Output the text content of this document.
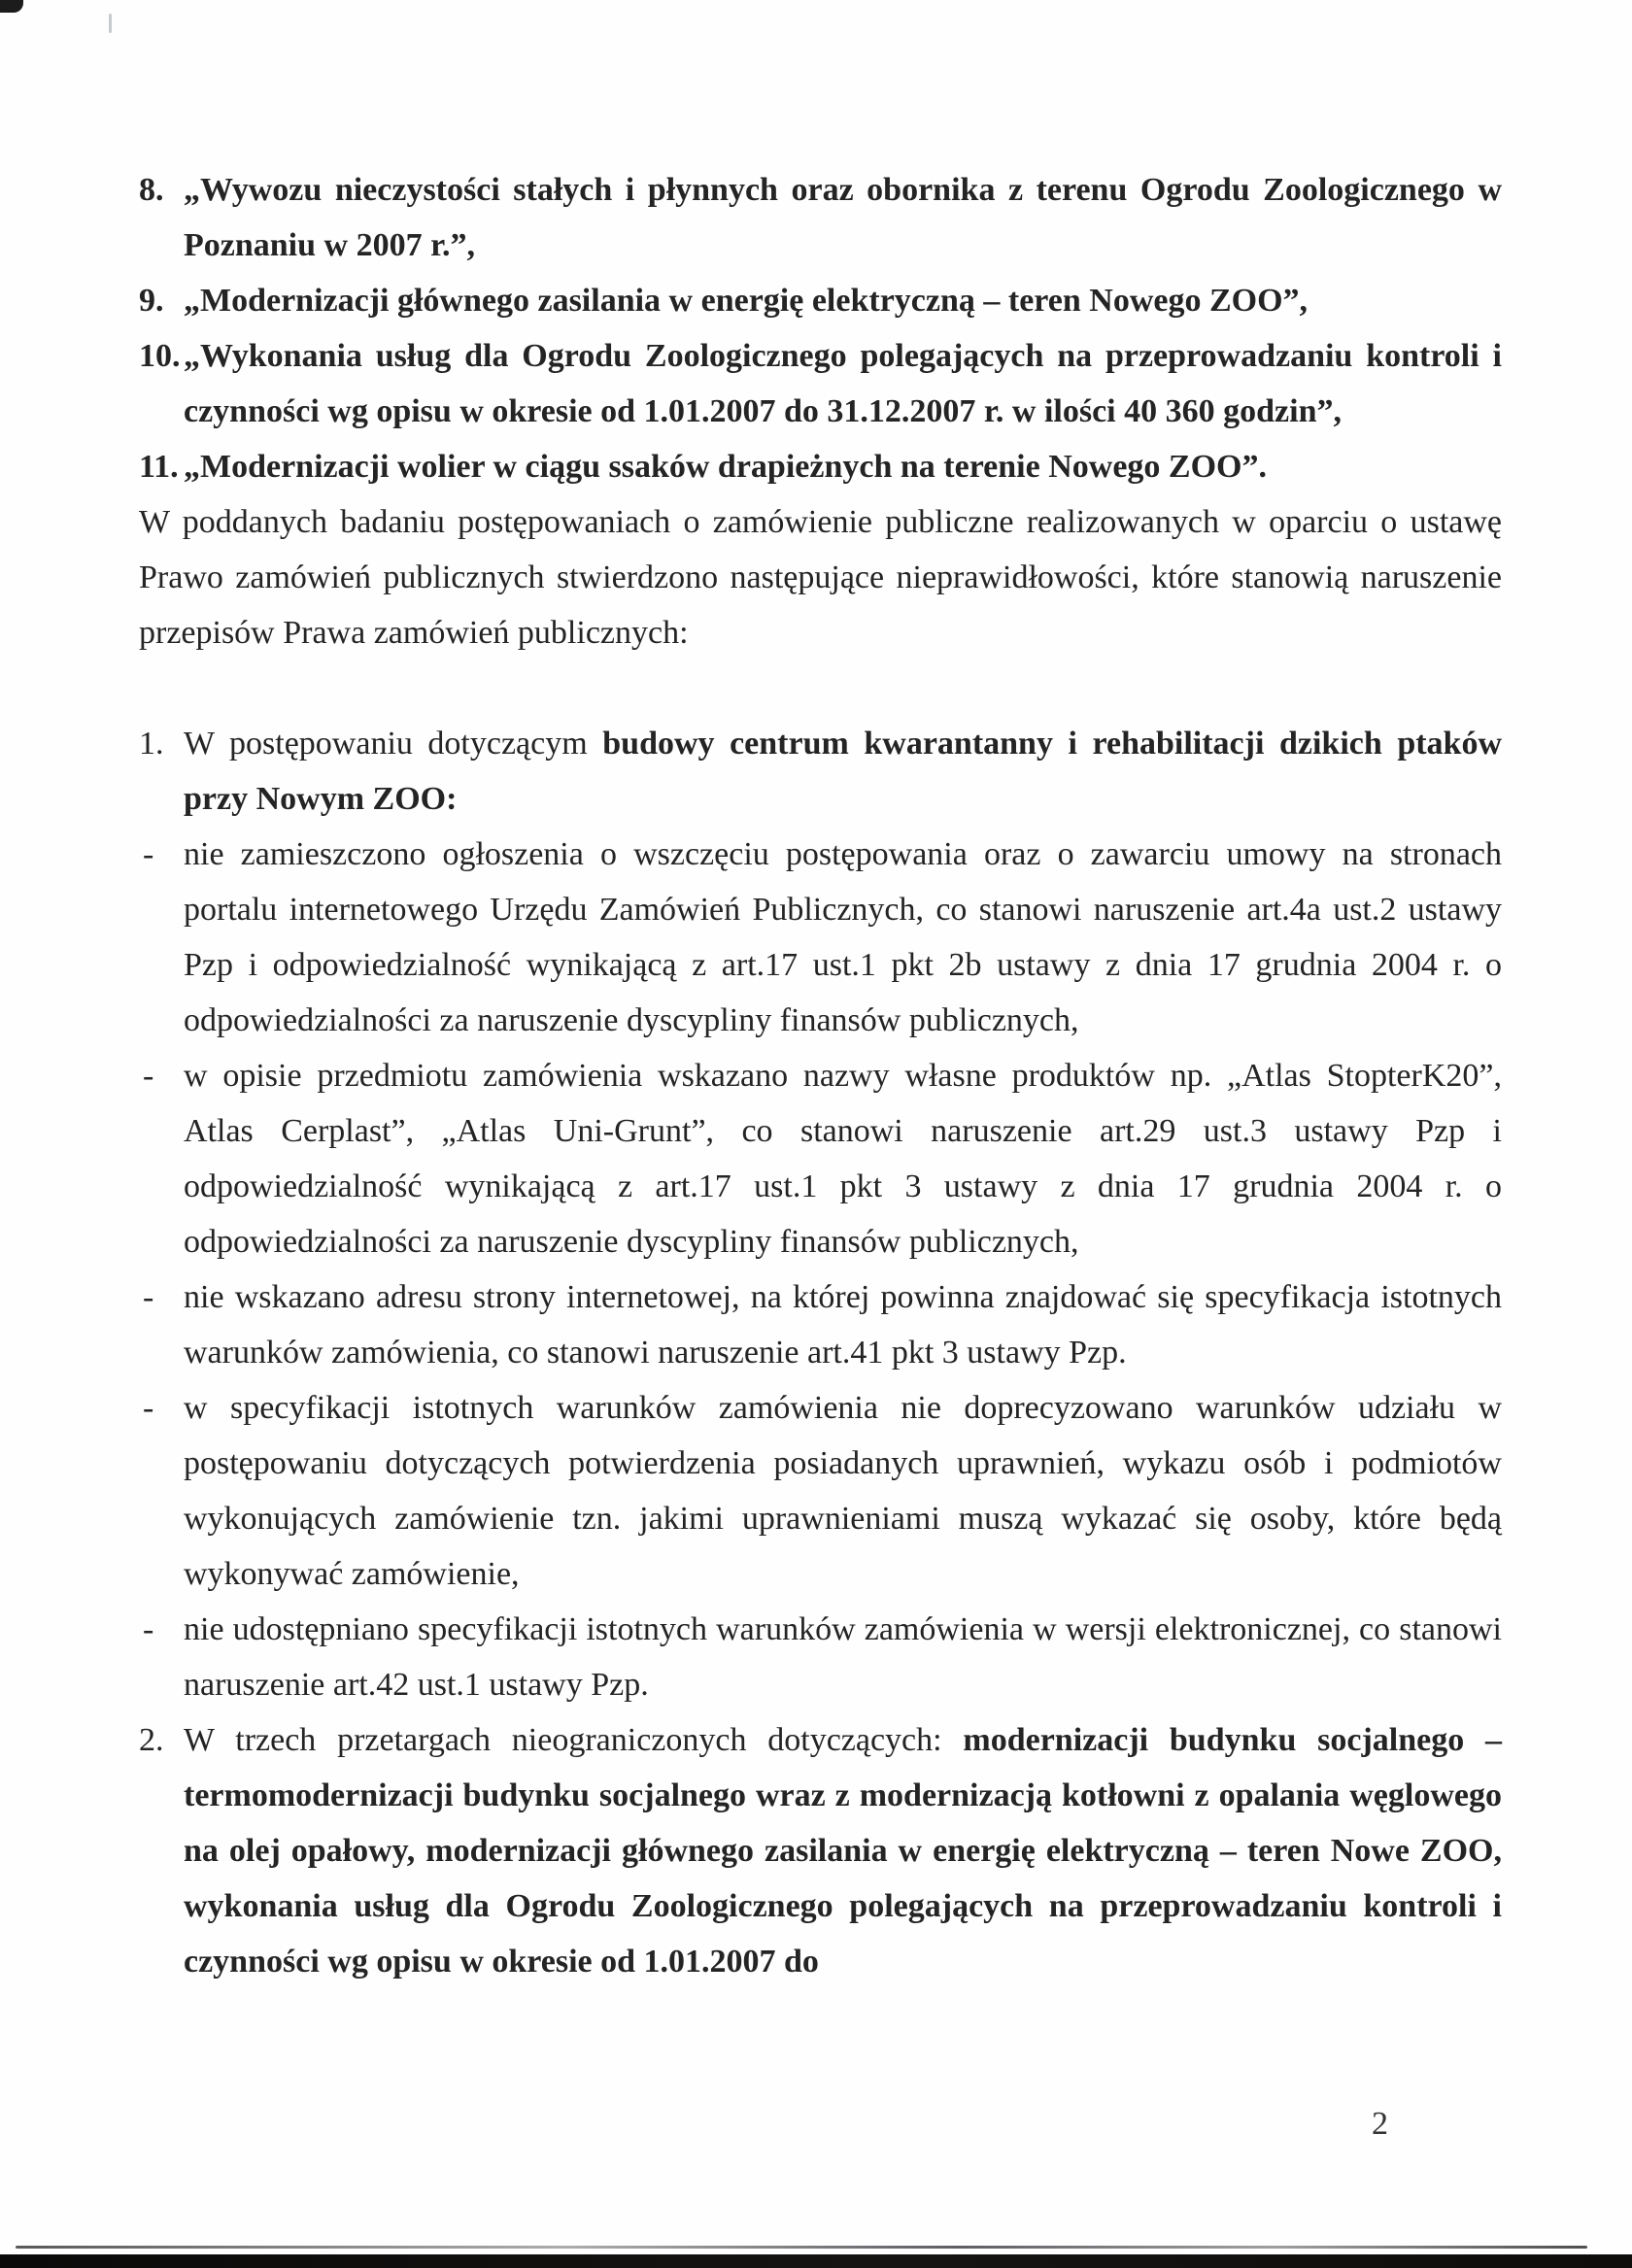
8. „Wywozu nieczystości stałych i płynnych oraz obornika z terenu Ogrodu Zoologicznego w Poznaniu w 2007 r.”,
9. „Modernizacji głównego zasilania w energię elektryczną – teren Nowego ZOO”,
10. „Wykonania usług dla Ogrodu Zoologicznego polegających na przeprowadzaniu kontroli i czynności wg opisu w okresie od 1.01.2007 do 31.12.2007 r. w ilości 40 360 godzin”,
11. „Modernizacji wolier w ciągu ssaków drapieżnych na terenie Nowego ZOO”.

W poddanych badaniu postępowaniach o zamówienie publiczne realizowanych w oparciu o ustawę Prawo zamówień publicznych stwierdzono następujące nieprawidłowości, które stanowią naruszenie przepisów Prawa zamówień publicznych:

1. W postępowaniu dotyczącym budowy centrum kwarantanny i rehabilitacji dzikich ptaków przy Nowym ZOO:
- nie zamieszczono ogłoszenia o wszczęciu postępowania oraz o zawarciu umowy na stronach portalu internetowego Urzędu Zamówień Publicznych, co stanowi naruszenie art.4a ust.2 ustawy Pzp i odpowiedzialność wynikającą z art.17 ust.1 pkt 2b ustawy z dnia 17 grudnia 2004 r. o odpowiedzialności za naruszenie dyscypliny finansów publicznych,
- w opisie przedmiotu zamówienia wskazano nazwy własne produktów np. „Atlas StopterK20”, Atlas Cerplast”, „Atlas Uni-Grunt”, co stanowi naruszenie art.29 ust.3 ustawy Pzp i odpowiedzialność wynikającą z art.17 ust.1 pkt 3 ustawy z dnia 17 grudnia 2004 r. o odpowiedzialności za naruszenie dyscypliny finansów publicznych,
- nie wskazano adresu strony internetowej, na której powinna znajdować się specyfikacja istotnych warunków zamówienia, co stanowi naruszenie art.41 pkt 3 ustawy Pzp.
- w specyfikacji istotnych warunków zamówienia nie doprecyzowano warunków udziału w postępowaniu dotyczących potwierdzenia posiadanych uprawnień, wykazu osób i podmiotów wykonujących zamówienie tzn. jakimi uprawnieniami muszą wykazać się osoby, które będą wykonywać zamówienie,
- nie udostępniano specyfikacji istotnych warunków zamówienia w wersji elektronicznej, co stanowi naruszenie art.42 ust.1 ustawy Pzp.
2. W trzech przetargach nieograniczonych dotyczących: modernizacji budynku socjalnego – termomodernizacji budynku socjalnego wraz z modernizacją kotłowni z opalania węglowego na olej opałowy, modernizacji głównego zasilania w energię elektryczną – teren Nowe ZOO, wykonania usług dla Ogrodu Zoologicznego polegających na przeprowadzaniu kontroli i czynności wg opisu w okresie od 1.01.2007 do
2
